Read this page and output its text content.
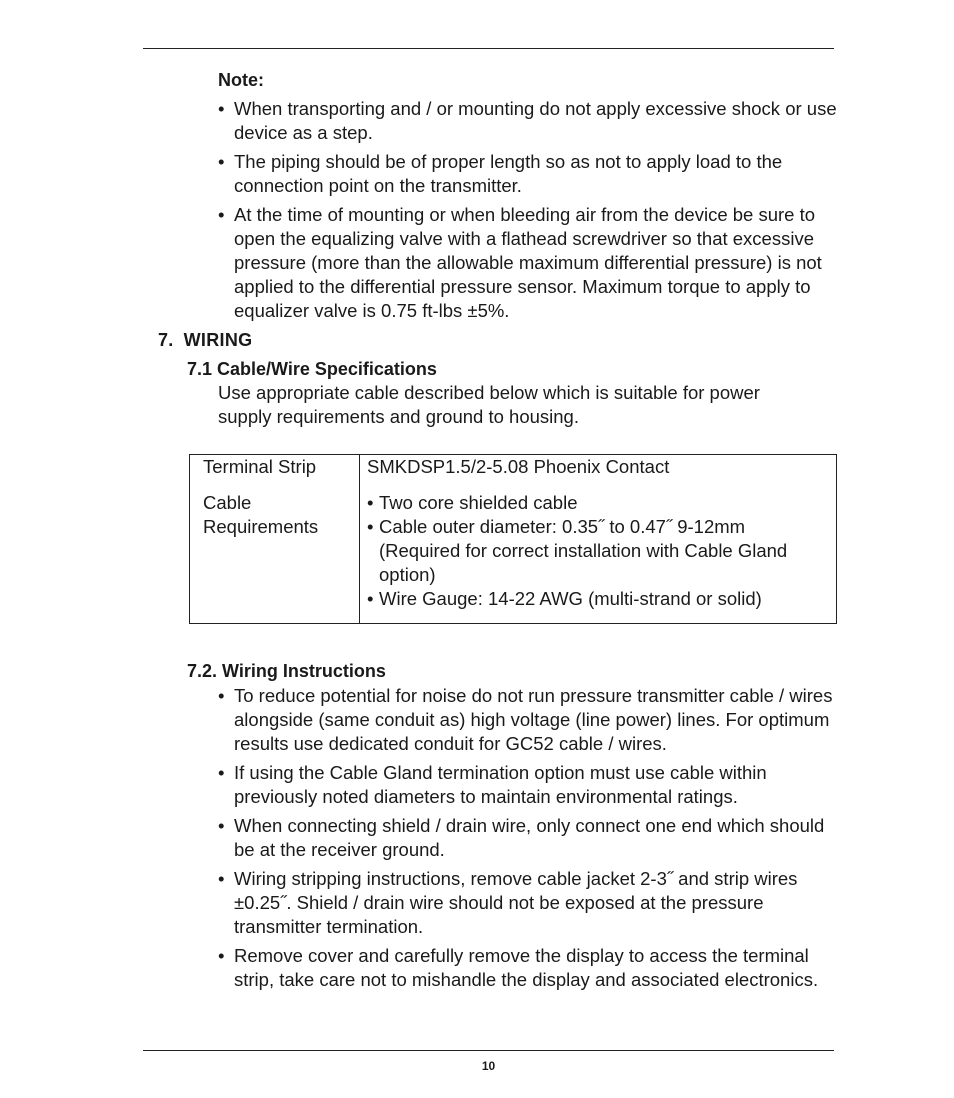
Note:
• When transporting and / or mounting do not apply excessive shock or use device as a step.
• The piping should be of proper length so as not to apply load to the connection point on the transmitter.
• At the time of mounting or when bleeding air from the device be sure to open the equalizing valve with a flathead screwdriver so that excessive pressure (more than the allowable maximum differential pressure) is not applied to the differential pressure sensor. Maximum torque to apply to equalizer valve is 0.75 ft-lbs ±5%.
7. WIRING
7.1 Cable/Wire Specifications
Use appropriate cable described below which is suitable for power supply requirements and ground to housing.
Terminal Strip	SMKDSP1.5/2-5.08 Phoenix Contact
Cable Requirements
• Two core shielded cable
• Cable outer diameter: 0.35˝ to 0.47˝ 9-12mm (Required for correct installation with Cable Gland option)
• Wire Gauge: 14-22 AWG (multi-strand or solid)
7.2. Wiring Instructions
• To reduce potential for noise do not run pressure transmitter cable / wires alongside (same conduit as) high voltage (line power) lines. For optimum results use dedicated conduit for GC52 cable / wires.
• If using the Cable Gland termination option must use cable within previously noted diameters to maintain environmental ratings.
• When connecting shield / drain wire, only connect one end which should be at the receiver ground.
• Wiring stripping instructions, remove cable jacket 2-3˝ and strip wires ±0.25˝. Shield / drain wire should not be exposed at the pressure transmitter termination.
• Remove cover and carefully remove the display to access the terminal strip, take care not to mishandle the display and associated electronics.
10
